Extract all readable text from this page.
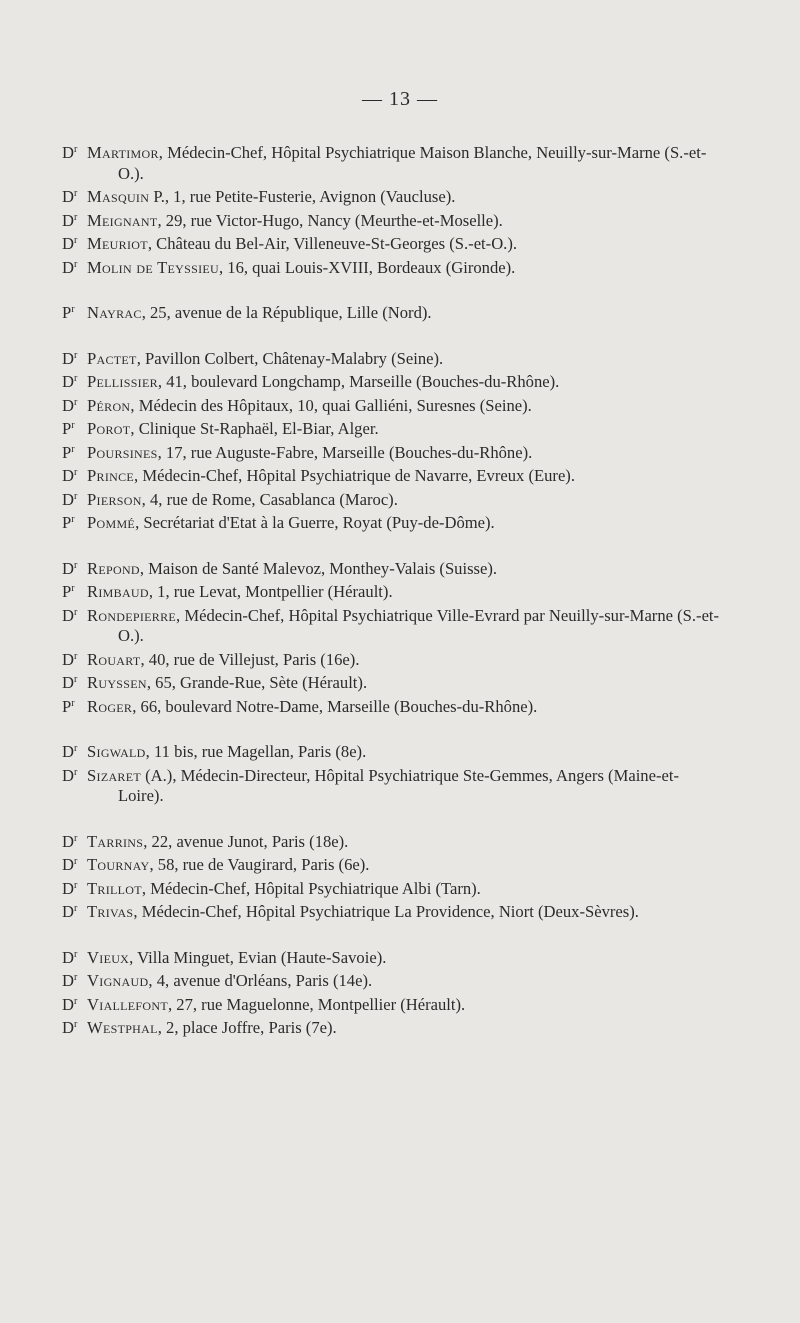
— 13 —

$D^r$ Martimor, Médecin-Chef, Hôpital Psychiatrique Maison Blanche, Neuilly-sur-Marne (S.-et-O.).

$D^r$ Masquin P., 1, rue Petite-Fusterie, Avignon (Vaucluse).

$D^r$ Meignant, 29, rue Victor-Hugo, Nancy (Meurthe-et-Moselle).

$D^r$ Meuriot, Château du Bel-Air, Villeneuve-St-Georges (S.-et-O.).

$D^r$ Molin de Teyssieu, 16, quai Louis-XVIII, Bordeaux (Gironde).

$P^r$ Nayrac, 25, avenue de la République, Lille (Nord).

$D^r$ Pactet, Pavillon Colbert, Châtenay-Malabry (Seine).

$D^r$ Pellissier, 41, boulevard Longchamp, Marseille (Bouches-du-Rhône).

$D^r$ Péron, Médecin des Hôpitaux, 10, quai Galliéni, Suresnes (Seine).

$P^r$ Porot, Clinique St-Raphaël, El-Biar, Alger.

$P^r$ Poursines, 17, rue Auguste-Fabre, Marseille (Bouches-du-Rhône).

$D^r$ Prince, Médecin-Chef, Hôpital Psychiatrique de Navarre, Evreux (Eure).

$D^r$ Pierson, 4, rue de Rome, Casablanca (Maroc).

$P^r$ Pommé, Secrétariat d'Etat à la Guerre, Royat (Puy-de-Dôme).

$D^r$ Repond, Maison de Santé Malevoz, Monthey-Valais (Suisse).

$P^r$ Rimbaud, 1, rue Levat, Montpellier (Hérault).

$D^r$ Rondepierre, Médecin-Chef, Hôpital Psychiatrique Ville-Evrard par Neuilly-sur-Marne (S.-et-O.).

$D^r$ Rouart, 40, rue de Villejust, Paris (16e).

$D^r$ Ruyssen, 65, Grande-Rue, Sète (Hérault).

$P^r$ Roger, 66, boulevard Notre-Dame, Marseille (Bouches-du-Rhône).

$D^r$ Sigwald, 11 bis, rue Magellan, Paris (8e).

$D^r$ Sizaret (A.), Médecin-Directeur, Hôpital Psychiatrique Ste-Gemmes, Angers (Maine-et-Loire).

$D^r$ Tarrins, 22, avenue Junot, Paris (18e).

$D^r$ Tournay, 58, rue de Vaugirard, Paris (6e).

$D^r$ Trillot, Médecin-Chef, Hôpital Psychiatrique Albi (Tarn).

$D^r$ Trivas, Médecin-Chef, Hôpital Psychiatrique La Providence, Niort (Deux-Sèvres).

$D^r$ Vieux, Villa Minguet, Evian (Haute-Savoie).

$D^r$ Vignaud, 4, avenue d'Orléans, Paris (14e).

$D^r$ Viallefont, 27, rue Maguelonne, Montpellier (Hérault).

$D^r$ Westphal, 2, place Joffre, Paris (7e).
